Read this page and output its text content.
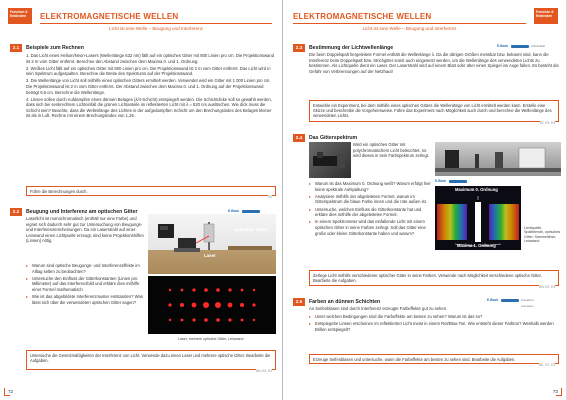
Forschen & Entdecken	ELEKTROMAGNETISCHE WELLEN
Licht ist eine Welle – Beugung und Interferenz
2.1	Beispiele zum Rechnen

1. Das Licht eines Helium/Neon-Lasers (Wellenlänge 632 nm) fällt auf ein optisches Gitter mit 800 Linien pro cm. Die Projektionswand ist 2 m vom Gitter entfernt. Berechne den Abstand zwischen dem Maxima 0. und 1. Ordnung.

2. Weißes Licht fällt auf ein optisches Gitter mit 800 Linien pro cm. Die Projektionswand ist 2 m vom Gitter entfernt. Das Licht wird in sein Spektrum aufgespalten. Berechne die Breite des Spektrums auf der Projektionswand.

3. Die Wellenlänge von Licht soll mithilfe eines optischen Gitters ermittelt werden. Verwendet wird ein Gitter mit 1 000 Linien pro cm. Die Projektionswand ist 2 m vom Gitter entfernt. Der Abstand zwischen dem Maxima 0. und 1. Ordnung auf der Projektionswand beträgt 9,6 cm. Berechne die Wellenlänge.

4. Linsen sollen durch Aufdampfen eines dünnen Belages (λ/4-Schicht) entspiegelt werden. Die Schichtdicke soll so gewählt werden, dass sich bei senkrechtem Lichteinfall die grünen Lichtanteile im reflektierten Licht mit λ = 520 nm auslöschen. Wie dick muss die Schicht sein? Beachte, dass die Wellenlänge des Lichtes in der aufgedampften Schicht um den Brechungsindex des Belages kleiner ist als in Luft. Rechne mit einem Brechungsindex von 1,26.

Führe die Berechnungen durch.
E2
2.2	Beugung und Interferenz am optischen Gitter
Laserlicht ist monochromatisch (enthält nur eine Farbe) und eignet sich dadurch sehr gut zur Untersuchung von Beugungs- und Interferenzerscheinungen. Da ein Laserstrahl auf einer Leinwand einen Lichtpunkt erzeugt, sind keine Projektionshilfen (Linsen) nötig.
▸ Warum sind optische Beugungs- und Interferenzeffekte im Alltag selten zu beobachten?
▸ Untersuche den Einfluss der Gitterkonstanten (Linien pro Millimeter) auf das Interferenzbild und erkläre dies mithilfe einer Formel mathematisch.
▸ Wie ist das abgebildete Interferenzmuster entstanden? Was lässt sich über die verwendeten optischen Gitter sagen?
E-Book
optisches Gitter
Laser
Laser, mehrere optische Gitter, Leinwand
Untersuche die Gesetzmäßigkeiten der Interferenz von Licht. Verwende dazu einen Laser und mehrere optische Gitter. Bearbeite die Aufgaben.
W4, E2, E3
72
Forschen & Entdecken
ELEKTROMAGNETISCHE WELLEN
Licht ist eine Welle – Beugung und Interferenz
2.3	Bestimmung der Lichtwellenlänge	E-Book	Arbeitsblatt
Die beim Doppelspalt hergeleitete Formel enthält die Wellenlänge λ. Da die übrigen Größen messbar bzw. bekannt sind, kann die Interferenz beim Doppelspalt bzw. Strichgitter somit auch eingesetzt werden, um die Wellenlänge des verwendeten Lichts zu bestimmen. Als Lichtquelle dient ein Laser. Der Laserstrahl wird auf einem Blatt oder über einen Spiegel ins Auge fallen. Es besteht die Gefahr von Verbrennungen auf der Netzhaut!
Entwickle ein Experiment, bei dem mithilfe eines optischen Gitters die Wellenlänge von Licht ermittelt werden kann. Erstelle eine Skizze und beschreibe die Vorgehensweise. Führe das Experiment nach Möglichkeit auch durch und berechne die Wellenlänge des verwendeten Lichts.
E2, E3, E4
2.4	Das Gitterspektrum
Wird ein optisches Gitter mit polychromatischem Licht beleuchtet, so wird dieses in sein Farbspektrum zerlegt.
▸ Warum ist das Maximum 0. Ordnung weiß? Warum erfolgt hier keine spektrale Aufspaltung?
▸ Analysiere mithilfe der abgeleiteten Formel, warum im Gitterspektrum die blaue Farbe innen und die rote außen ist.
▸ Untersuche, welchen Einfluss die Gitterkonstante hat und erkläre dies mithilfe der abgeleiteten Formel.
▸ In einem Spektrometer wird das einfallende Licht mit einem optischen Gitter in seine Farben zerlegt. Soll das Gitter eine große oder kleine Gitterkonstante haben und warum?
E-Book
Maximum 0. Ordnung
Maxima 1. Ordnung
Lichtquelle, Spaltblende, optisches Gitter, Sammellinse, Leinwand
Zerlege Licht mithilfe verschiedener optischer Gitter in seine Farben. Verwende nach Möglichkeit verschiedene optische Gitter. Bearbeite die Aufgaben.
W4, E2, E3
2.5	Farben an dünnen Schichten	E-Book	Interaktive Animation
An Seifenblasen sind durch Interferenz erzeugte Farbeffekte gut zu sehen.
▸ Unter welchen Bedingungen sind die Farbeffekte am besten zu sehen? Warum ist das so?
▸ Entspiegelte Linsen erscheinen im reflektierten Licht meist in einem Rot/Blau-Ton. Wie entsteht dieser Farbton? Weshalb werden Brillen entspiegelt?
Erzeuge Seifenblasen und untersuche, wann die Farbeffekte am besten zu sehen sind. Bearbeite die Aufgaben.
W1, E2, E3
73
